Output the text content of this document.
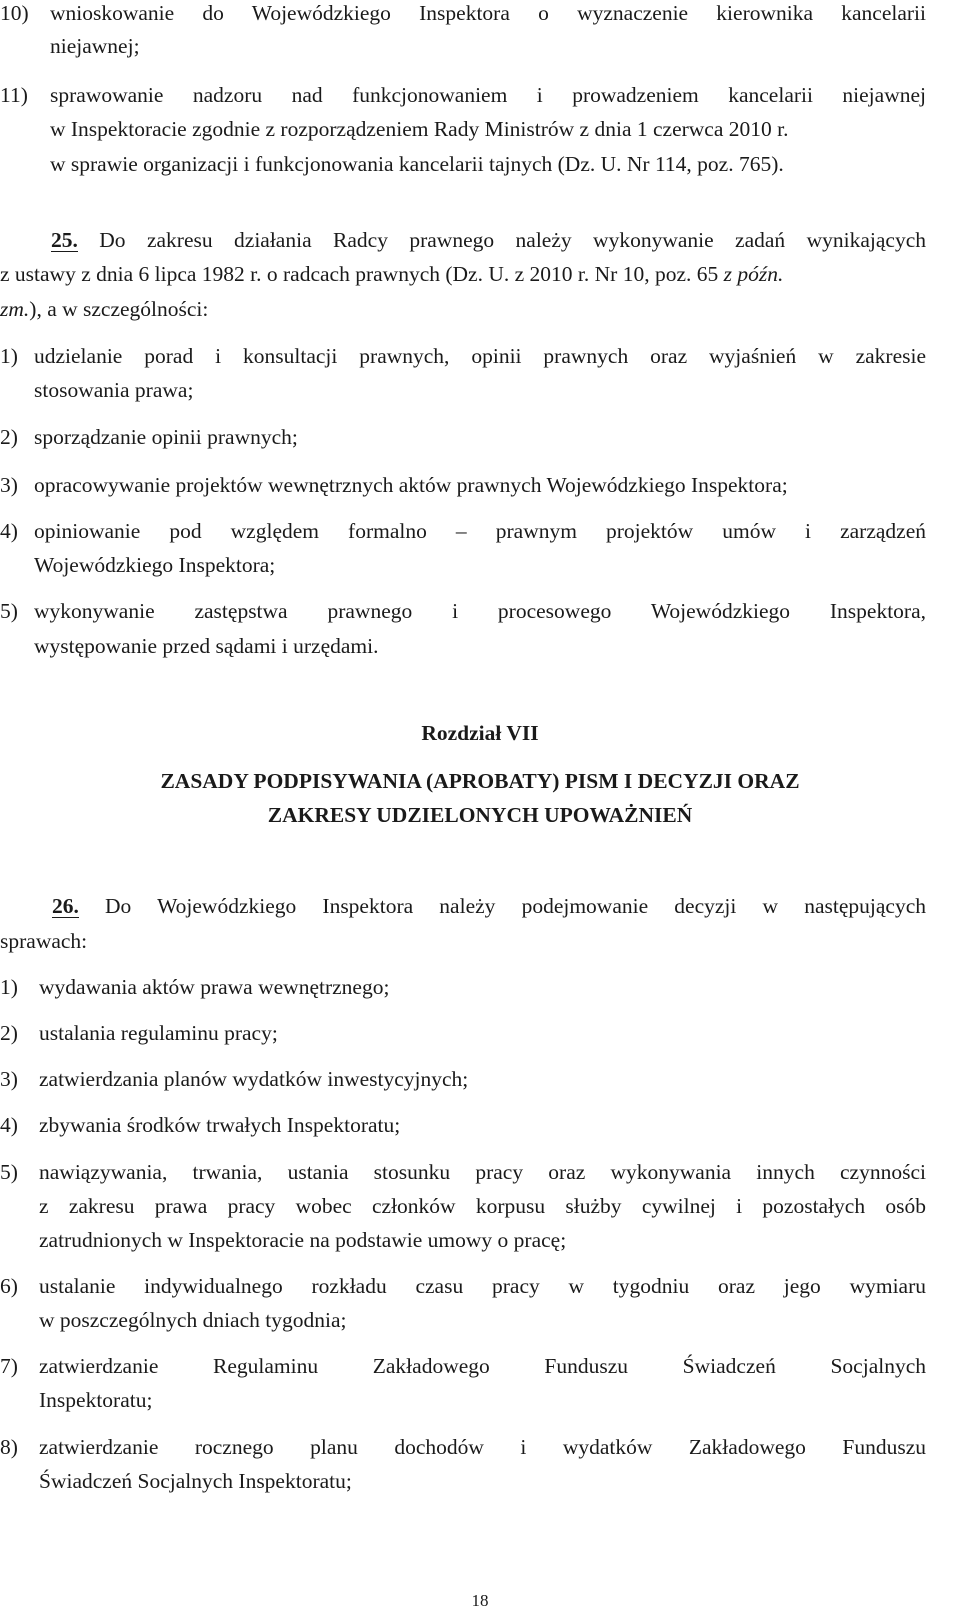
10) wnioskowanie do Wojewódzkiego Inspektora o wyznaczenie kierownika kancelarii
niejawnej;
11) sprawowanie nadzoru nad funkcjonowaniem i prowadzeniem kancelarii niejawnej
w Inspektoracie zgodnie z rozporządzeniem Rady Ministrów z dnia 1 czerwca 2010 r.
w sprawie organizacji i funkcjonowania kancelarii tajnych (Dz. U. Nr 114, poz. 765).
25. Do zakresu działania Radcy prawnego należy wykonywanie zadań wynikających
z ustawy z dnia 6 lipca 1982 r. o radcach prawnych (Dz. U. z 2010 r. Nr 10, poz. 65 z późn.
zm.), a w szczególności:
1) udzielanie porad i konsultacji prawnych, opinii prawnych oraz wyjaśnień w zakresie
stosowania prawa;
2) sporządzanie opinii prawnych;
3) opracowywanie projektów wewnętrznych aktów prawnych Wojewódzkiego Inspektora;
4) opiniowanie pod względem formalno – prawnym projektów umów i zarządzeń
Wojewódzkiego Inspektora;
5) wykonywanie zastępstwa prawnego i procesowego Wojewódzkiego Inspektora,
występowanie przed sądami i urzędami.
Rozdział VII
ZASADY PODPISYWANIA (APROBATY) PISM I DECYZJI ORAZ
ZAKRESY UDZIELONYCH UPOWAŻNIEŃ
26. Do Wojewódzkiego Inspektora należy podejmowanie decyzji w następujących
sprawach:
1) wydawania aktów prawa wewnętrznego;
2) ustalania regulaminu pracy;
3) zatwierdzania planów wydatków inwestycyjnych;
4) zbywania środków trwałych Inspektoratu;
5) nawiązywania, trwania, ustania stosunku pracy oraz wykonywania innych czynności
z zakresu prawa pracy wobec członków korpusu służby cywilnej i pozostałych osób
zatrudnionych w Inspektoracie na podstawie umowy o pracę;
6) ustalanie indywidualnego rozkładu czasu pracy w tygodniu oraz jego wymiaru
w poszczególnych dniach tygodnia;
7) zatwierdzanie Regulaminu Zakładowego Funduszu Świadczeń Socjalnych
Inspektoratu;
8) zatwierdzanie rocznego planu dochodów i wydatków Zakładowego Funduszu
Świadczeń Socjalnych Inspektoratu;
18
